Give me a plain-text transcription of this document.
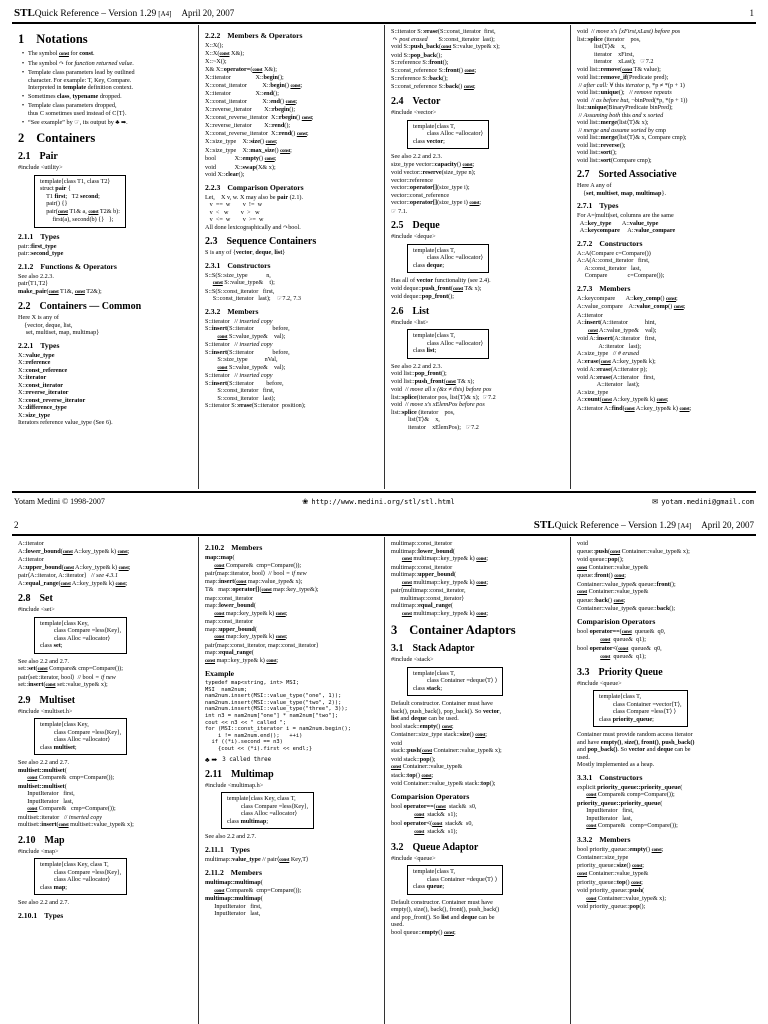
STL Quick Reference – Version 1.29 [A4] April 20, 2007	1
1 Notations
• The symbol const for const.
• The symbol ↷ for function returned value.
• Template class parameters lead by outlined
character. For example: T, Key, Compare.
Interpreted in template definition context.
• Sometimes class, typename dropped.
• Template class parameters dropped,
thus C sometimes used instead of C⟨T⟩.
• “See example” by ☞, its output by ♣ ➡.
2 Containers
2.1 Pair
#include <utility>
template⟨class T1, class T2⟩
struct pair {
T1 first;   T2 second;
pair() {}
pair(const T1& a, const T2& b):
first(a), second(b) {}   };
2.1.1 Types
pair::first_type
pair::second_type
2.1.2 Functions & Operators
See also 2.2.3.
pair⟨T1,T2⟩
make_pair(const T1&, const T2&);
2.2 Containers — Common
Here X is any of
{vector, deque, list,
set, multiset, map, multimap}
2.2.1 Types
X::value_type
X::reference
X::const_reference
X::iterator
X::const_iterator
X::reverse_iterator
X::const_reverse_iterator
X::difference_type
X::size_type
Iterators reference value_type (See 6).
2.2.2 Members & Operators
X::X();
X::X(const X&);
X::~X();
X& X::operator=(const X&);
X::iterator                X::begin();
X::const_iterator          X::begin() const;
X::iterator                X::end();
X::const_iterator          X::end() const;
X::reverse_iterator        X::rbegin();
X::const_reverse_iterator  X::rbegin() const;
X::reverse_iterator        X::rend();
X::const_reverse_iterator  X::rend() const;
X::size_type    X::size() const;
X::size_type    X::max_size() const;
bool            X::empty() const;
void            X::swap(X& x);
void X::clear();
2.2.3 Comparison Operators
Let,    X v, w. X may also be pair (2.1).
v  ==  w        v  !=  w
v  <   w        v  >   w
v  <=  w        v  >=  w
All done lexicographically and ↷bool.
2.3 Sequence Containers
S is any of {vector, deque, list}
2.3.1 Constructors
S::S(S::size_type            n,
const S::value_type&    t);
S::S(S::const_iterator   first,
S::const_iterator   last);    ☞7.2, 7.3
2.3.2 Members
S::iterator   // inserted copy
S::insert(S::iterator            before,
const S::value_type&    val);
S::iterator   // inserted copy
S::insert(S::iterator            before,
S::size_type           nVal,
const S::value_type&    val);
S::iterator   // inserted copy
S::insert(S::iterator        before,
S::const_iterator   first,
S::const_iterator   last);
S::iterator S::erase(S::iterator  position);
S::iterator S::erase(S::const_iterator  first,
↷ post erased       S::const_iterator  last);
void S::push_back(const S::value_type& x);
void S::pop_back();
S::reference S::front();
S::const_reference S::front() const;
S::reference S::back();
S::const_reference S::back() const;
2.4 Vector
#include <vector>
template⟨class T,
class Alloc =allocator⟩
class vector;
See also 2.2 and 2.3.
size_type vector::capacity() const;
void vector::reserve(size_type n);
vector::reference
vector::operator[](size_type i);
vector::const_reference
vector::operator[](size_type i) const;
☞ 7.1.
2.5 Deque
#include <deque>
template⟨class T,
class Alloc =allocator⟩
class deque;
Has all of vector functionality (see 2.4).
void deque::push_front(const T& x);
void deque::pop_front();
2.6 List
#include <list>
template⟨class T,
class Alloc =allocator⟩
class list;
See also 2.2 and 2.3.
void list::pop_front();
void list::push_front(const T& x);
void  // move all x (&x ≠ this) before pos
list::splice(iterator pos, list⟨T⟩& x);  ☞7.2
void  // move x's xElemPos before pos
list::splice (iterator    pos,
list⟨T⟩&    x,
iterator    xElemPos);   ☞7.2
void  // move x's [xFirst,xLast) before pos
list::splice (iterator    pos,
list⟨T⟩&    x,
iterator    xFirst,
iterator    xLast);   ☞7.2
void list::remove(const T& value);
void list::remove_if(Predicate pred);
// after call: ∀ this iterator p, *p ≠ *(p + 1)
void list::unique();   // remove repeats
void  // as before but, ¬binPred(*p, *(p + 1))
list::unique(BinaryPredicate binPred);
// Assuming both this and x sorted
void list::merge(list⟨T⟩& x);
// merge and assume sorted by cmp
void list::merge(list⟨T⟩& x, Compare cmp);
void list::reverse();
void list::sort();
void list::sort(Compare cmp);
2.7 Sorted Associative
Here A any of
{set, multiset, map, multimap}.
2.7.1 Types
For A=|multi|set, columns are the same
A::key_type       A::value_type
A::keycompare     A::value_compare
2.7.2 Constructors
A::A(Compare c=Compare())
A::A(A::const_iterator   first,
A::const_iterator   last,
Compare             c=Compare());
2.7.3 Members
A::keycompare       A::key_comp() const;
A::value_compare    A::value_comp() const;
A::iterator
A::insert(A::iterator           hint,
const A::value_type&    val);
void A::insert(A::iterator   first,
A::iterator   last);
A::size_type   // # erased
A::erase(const A::key_type& k);
void A::erase(A::iterator p);
void A::erase(A::iterator   first,
A::iterator   last);
A::size_type
A::count(const A::key_type& k) const;
A::iterator A::find(const A::key_type& k) const;
Yotam Medini © 1998-2007	❀ http://www.medini.org/stl/stl.html	✉ yotam.medini@gmail.com
2	STL Quick Reference – Version 1.29 [A4] April 20, 2007
A::iterator
A::lower_bound(const A::key_type& k) const;
A::iterator
A::upper_bound(const A::key_type& k) const;
pair⟨A::iterator, A::iterator⟩   // see 4.3.1
A::equal_range(const A::key_type& k) const;
2.8 Set
#include <set>
template⟨class Key,
class Compare =less⟨Key⟩,
class Alloc =allocator⟩
class set;
See also 2.2 and 2.7.
set::set(const Compare& cmp=Compare());
pair⟨set::iterator, bool⟩  // bool = if new
set::insert(const set::value_type& x);
2.9 Multiset
#include <multiset.h>
template⟨class Key,
class Compare =less⟨Key⟩,
class Alloc =allocator⟩
class multiset;
See also 2.2 and 2.7.
multiset::multiset(
const Compare&  cmp=Compare());
multiset::multiset(
InputIterator   first,
InputIterator   last,
const Compare&   cmp=Compare());
multiset::iterator   // inserted copy
multiset::insert(const multiset::value_type& x);
2.10 Map
#include <map>
template⟨class Key, class T,
class Compare =less⟨Key⟩,
class Alloc =allocator⟩
class map;
See also 2.2 and 2.7.
2.10.1 Types
2.10.2 Members
map::map(
const Compare&  cmp=Compare());
pair⟨map::iterator, bool⟩  // bool = if new
map::insert(const map::value_type& x);
T&   map::operator[](const map::key_type&);
map::const_iterator
map::lower_bound(
const map::key_type& k) const;
map::const_iterator
map::upper_bound(
const map::key_type& k) const;
pair⟨map::const_iterator, map::const_iterator⟩
map::equal_range(
const map::key_type& k) const;
Example
typedef map<string, int> MSI;
MSI  nam2num;
nam2num.insert(MSI::value_type("one", 1));
nam2num.insert(MSI::value_type("two", 2));
nam2num.insert(MSI::value_type("three", 3));
int n3 = nam2num["one"] * nam2num["two"];
cout << n3 << " called ";
for (MSI::const_iterator i = nam2num.begin();
i != nam2num.end();   ++i)
if ((*i).second == n3)
{cout << (*i).first << endl;}
♣ ➡ 3 called three
2.11 Multimap
#include <multimap.h>
template⟨class Key, class T,
class Compare =less⟨Key⟩,
class Alloc =allocator⟩
class multimap;
See also 2.2 and 2.7.
2.11.1 Types
multimap::value_type // pair⟨const Key,T⟩
2.11.2 Members
multimap::multimap(
const Compare&  cmp=Compare());
multimap::multimap(
InputIterator   first,
InputIterator   last,
multimap::const_iterator
multimap::lower_bound(
const multimap::key_type& k) const;
multimap::const_iterator
multimap::upper_bound(
const multimap::key_type& k) const;
pair⟨multimap::const_iterator,
multimap::const_iterator⟩
multimap::equal_range(
const multimap::key_type& k) const;
3 Container Adaptors
3.1 Stack Adaptor
#include <stack>
template⟨class T,
class Container =deque⟨T⟩ ⟩
class stack;
Default constructor. Container must have
back(), push_back(), pop_back(). So vector,
list and deque can be used.
bool stack::empty() const;
Container::size_type stack::size() const;
void
stack::push(const Container::value_type& x);
void stack::pop();
const Container::value_type&
stack::top() const;
void Container::value_type& stack::top();
Comparision Operators
bool operator==(const  stack&  s0,
const  stack&  s1);
bool operator<(const  stack&  s0,
const  stack&  s1);
3.2 Queue Adaptor
#include <queue>
template⟨class T,
class Container =deque⟨T⟩ ⟩
class queue;
Default constructor. Container must have
empty(), size(), back(), front(), push_back()
and pop_front(). So list and deque can be
used.
bool queue::empty() const;
void
queue::push(const Container::value_type& x);
void queue::pop();
const Container::value_type&
queue::front() const;
Container::value_type& queue::front();
const Container::value_type&
queue::back() const;
Container::value_type& queue::back();
Comparision Operators
bool operator==(const  queue&  q0,
const  queue&  q1);
bool operator<(const  queue&  q0,
const  queue&  q1);
3.3 Priority Queue
#include <queue>
template⟨class T,
class Container =vector⟨T⟩,
class Compare =less⟨T⟩ ⟩
class priority_queue;
Container must provide random access iterator
and have empty(), size(), front(), push_back()
and pop_back(). So vector and deque can be
used.
Mostly implemented as a heap.
3.3.1 Constructors
explicit priority_queue::priority_queue(
const Compare& comp=Compare());
priority_queue::priority_queue(
InputIterator   first,
InputIterator   last,
const Compare&   comp=Compare());
3.3.2 Members
bool priority_queue::empty() const;
Container::size_type
priority_queue::size() const;
const Container::value_type&
priority_queue::top() const;
void priority_queue::push(
const Container::value_type& x);
void priority_queue::pop();
